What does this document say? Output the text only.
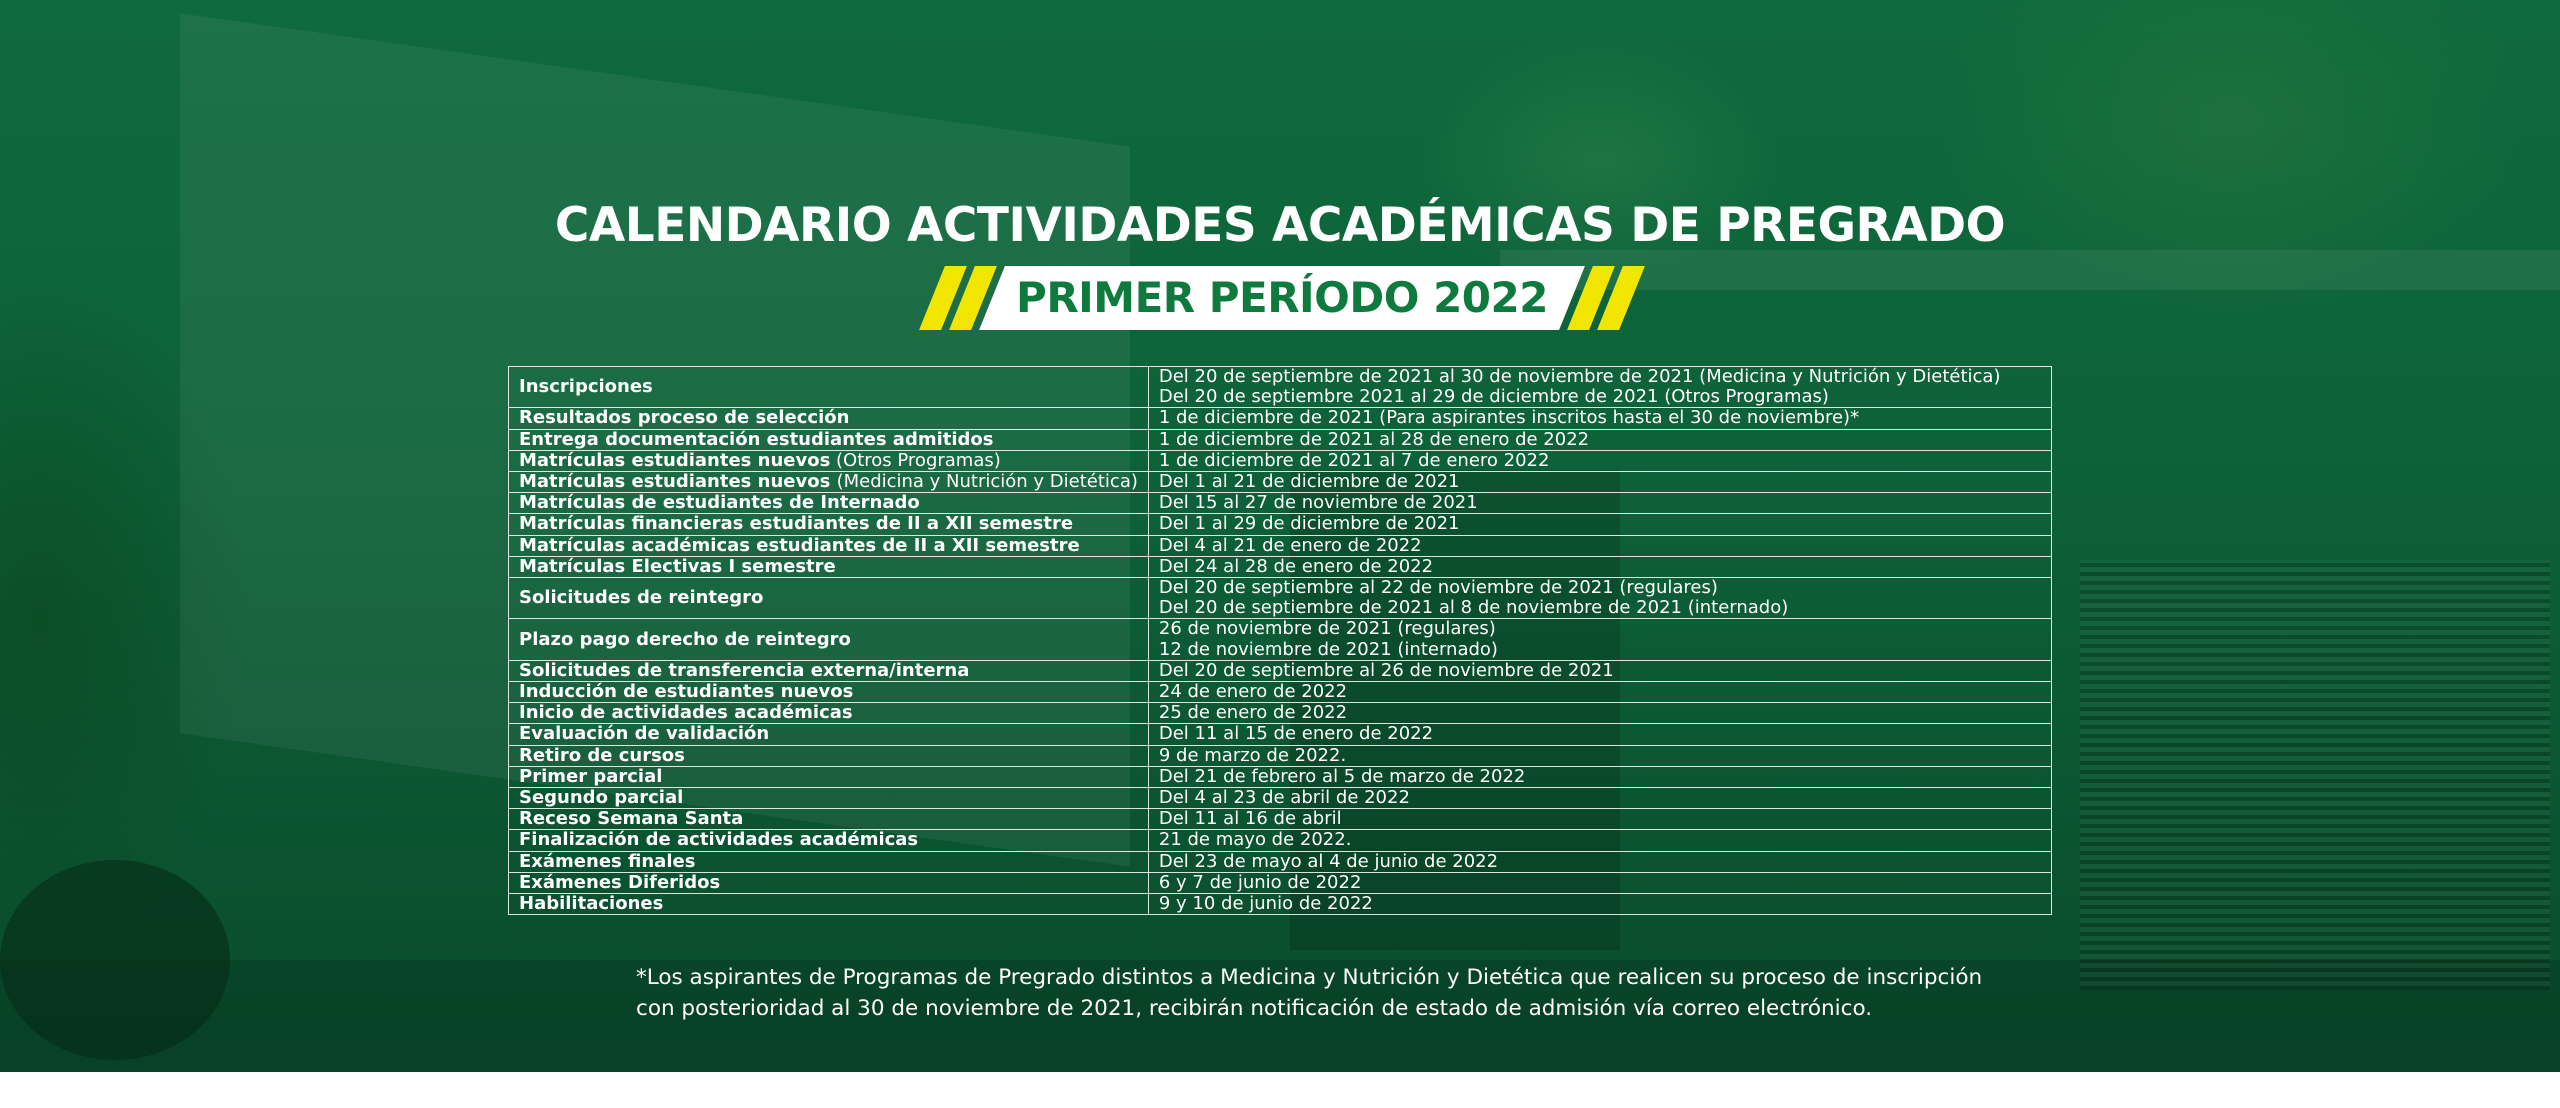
CALENDARIO ACTIVIDADES ACADÉMICAS DE PREGRADO
PRIMER PERÍODO 2022
Inscripciones	Del 20 de septiembre de 2021 al 30 de noviembre de 2021 (Medicina y Nutrición y Dietética)
Del 20 de septiembre 2021 al 29 de diciembre de 2021 (Otros Programas)

Resultados proceso de selección	1 de diciembre de 2021 (Para aspirantes inscritos hasta el 30 de noviembre)*

Entrega documentación estudiantes admitidos	1 de diciembre de 2021 al 28 de enero de 2022

Matrículas estudiantes nuevos (Otros Programas)	1 de diciembre de 2021 al 7 de enero 2022

Matrículas estudiantes nuevos (Medicina y Nutrición y Dietética)	Del 1 al 21 de diciembre de 2021

Matrículas de estudiantes de Internado	Del 15 al 27 de noviembre de 2021

Matrículas financieras estudiantes de II a XII semestre	Del 1 al 29 de diciembre de 2021

Matrículas académicas estudiantes de II a XII semestre	Del 4 al 21 de enero de 2022

Matrículas Electivas I semestre	Del 24 al 28 de enero de 2022

Solicitudes de reintegro	Del 20 de septiembre al 22 de noviembre de 2021 (regulares)
Del 20 de septiembre de 2021 al 8 de noviembre de 2021 (internado)

Plazo pago derecho de reintegro	26 de noviembre de 2021 (regulares)
12 de noviembre de 2021 (internado)

Solicitudes de transferencia externa/interna	Del 20 de septiembre al 26 de noviembre de 2021

Inducción de estudiantes nuevos	24 de enero de 2022

Inicio de actividades académicas	25 de enero de 2022

Evaluación de validación	Del 11 al 15 de enero de 2022

Retiro de cursos	9 de marzo de 2022.

Primer parcial	Del 21 de febrero al 5 de marzo de 2022

Segundo parcial	Del 4 al 23 de abril de 2022

Receso Semana Santa	Del 11 al 16 de abril

Finalización de actividades académicas	21 de mayo de 2022.

Exámenes finales	Del 23 de mayo al 4 de junio de 2022

Exámenes Diferidos	6 y 7 de junio de 2022

Habilitaciones	9 y 10 de junio de 2022
*Los aspirantes de Programas de Pregrado distintos a Medicina y Nutrición y Dietética que realicen su proceso de inscripción
con posterioridad al 30 de noviembre de 2021, recibirán notificación de estado de admisión vía correo electrónico.
